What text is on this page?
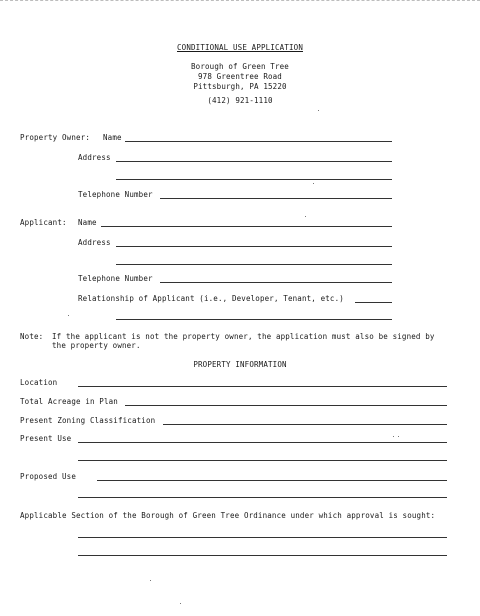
CONDITIONAL USE APPLICATION
Borough of Green Tree
978 Greentree Road
Pittsburgh, PA 15220
(412) 921-1110
Property Owner: Name
Address
Telephone Number
Applicant: Name
Address
Telephone Number
Relationship of Applicant (i.e., Developer, Tenant, etc.)
Note: If the applicant is not the property owner, the application must also be signed by
the property owner.
PROPERTY INFORMATION
Location
Total Acreage in Plan
Present Zoning Classification
Present Use
Proposed Use
Applicable Section of the Borough of Green Tree Ordinance under which approval is sought:
